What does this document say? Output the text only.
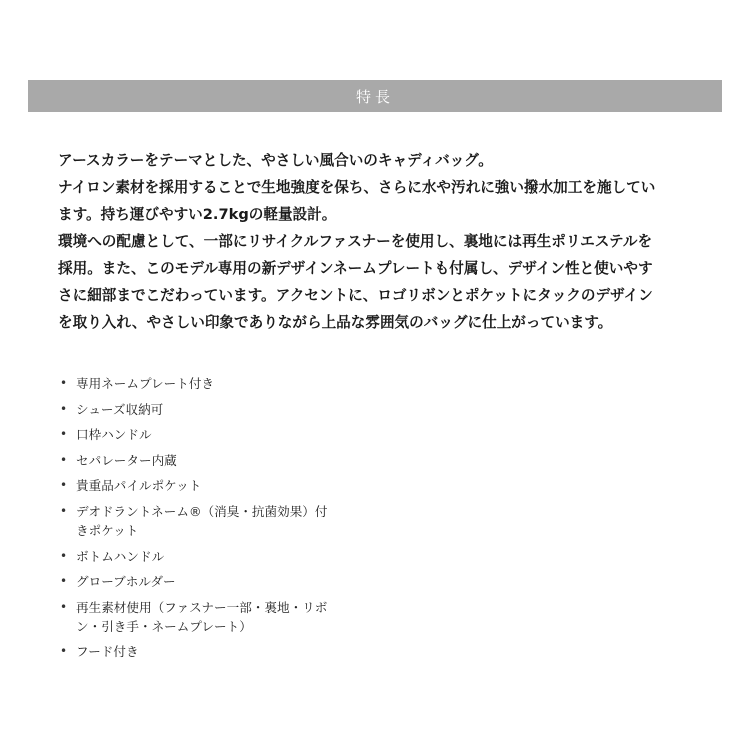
特長
アースカラーをテーマとした、やさしい風合いのキャディバッグ。
ナイロン素材を採用することで生地強度を保ち、さらに水や汚れに強い撥水加工を施してい
ます。持ち運びやすい2.7kgの軽量設計。
環境への配慮として、一部にリサイクルファスナーを使用し、裏地には再生ポリエステルを
採用。また、このモデル専用の新デザインネームプレートも付属し、デザイン性と使いやす
さに細部までこだわっています。アクセントに、ロゴリボンとポケットにタックのデザイン
を取り入れ、やさしい印象でありながら上品な雰囲気のバッグに仕上がっています。
• 専用ネームプレート付き
• シューズ収納可
• 口枠ハンドル
• セパレーター内蔵
• 貴重品パイルポケット
• デオドラントネーム®（消臭・抗菌効果）付
きポケット
• ボトムハンドル
• グローブホルダー
• 再生素材使用（ファスナー一部・裏地・リボ
ン・引き手・ネームプレート）
• フード付き
